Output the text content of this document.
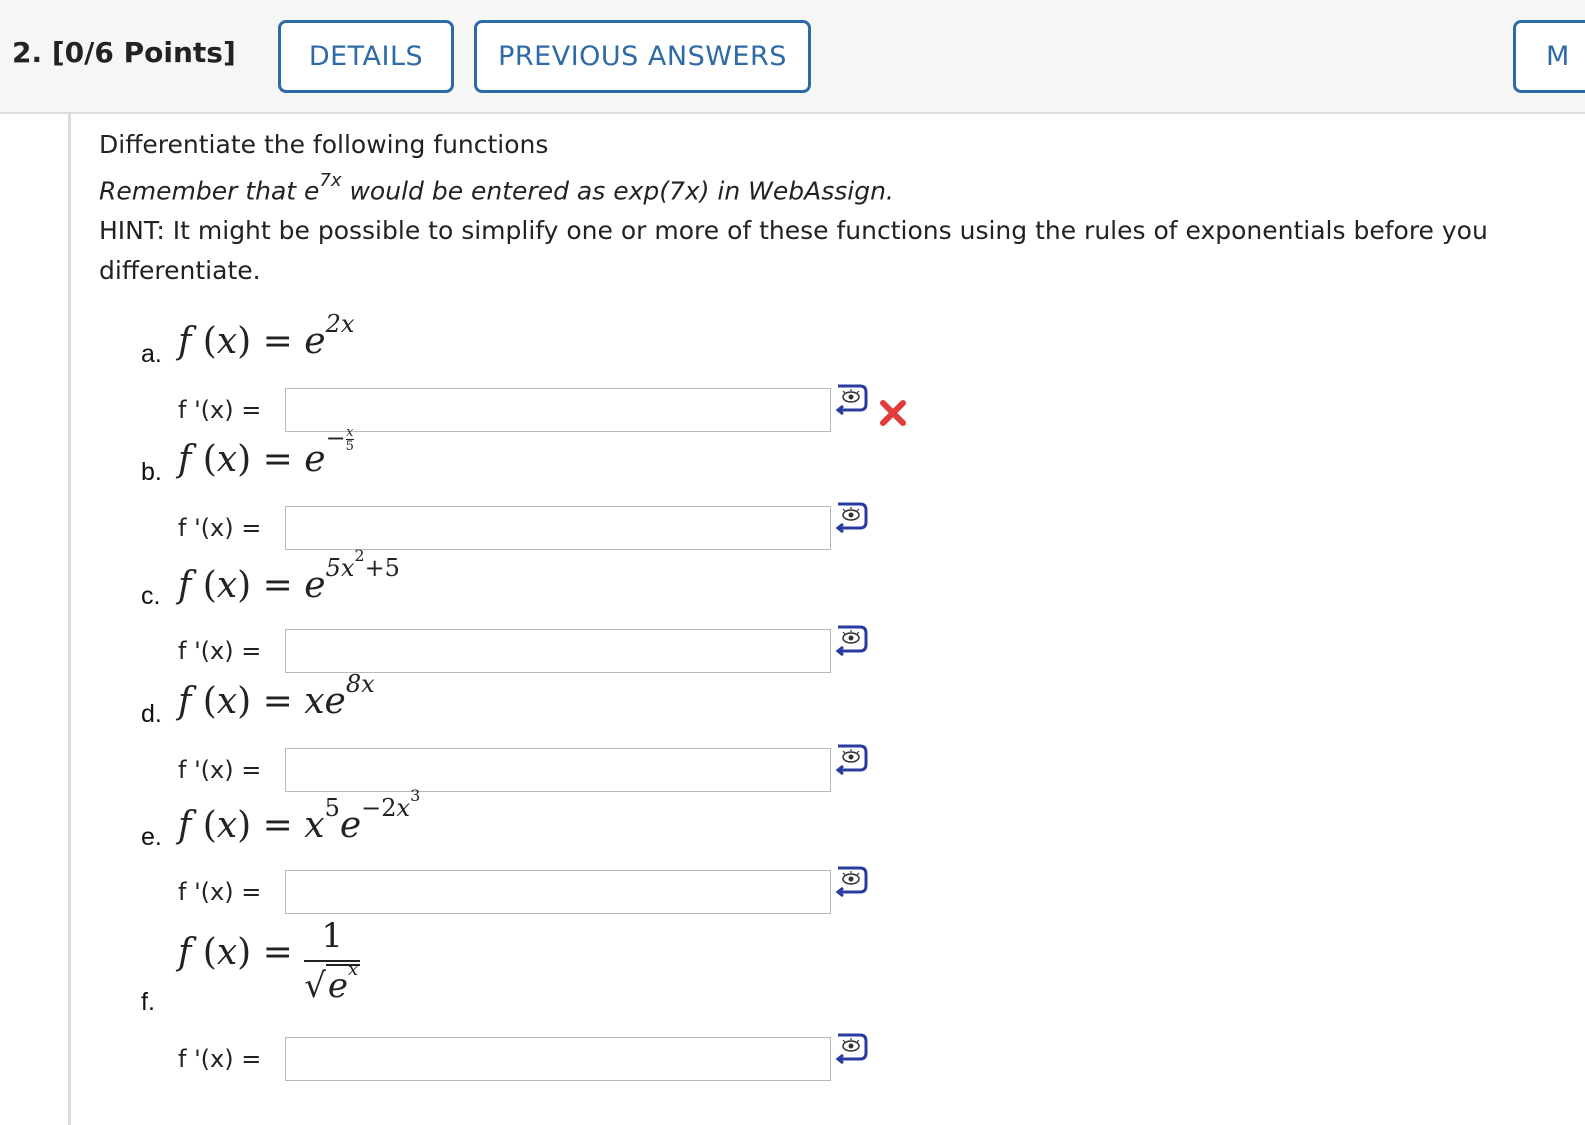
2. [0/6 Points]	DETAILS	PREVIOUS ANSWERS	M
Differentiate the following functions
Remember that $e^{7x}$ would be entered as exp(7x) in WebAssign.
HINT: It might be possible to simplify one or more of these functions using the rules of exponentials before you
differentiate.
a. f $(x) = e^{2x}$
f '(x) =
b. f $(x) = e^{- \frac{x}{5}}$
f '(x) =
c. f $(x) = e^{5x^2+5}$
f '(x) =
d. f $(x) = xe^{8x}$
f '(x) =
e. f $(x) = x^5e^{-2x^3}$
f '(x) =
f.
f $(x) = \frac{1}{√e^x}$
f '(x) =
